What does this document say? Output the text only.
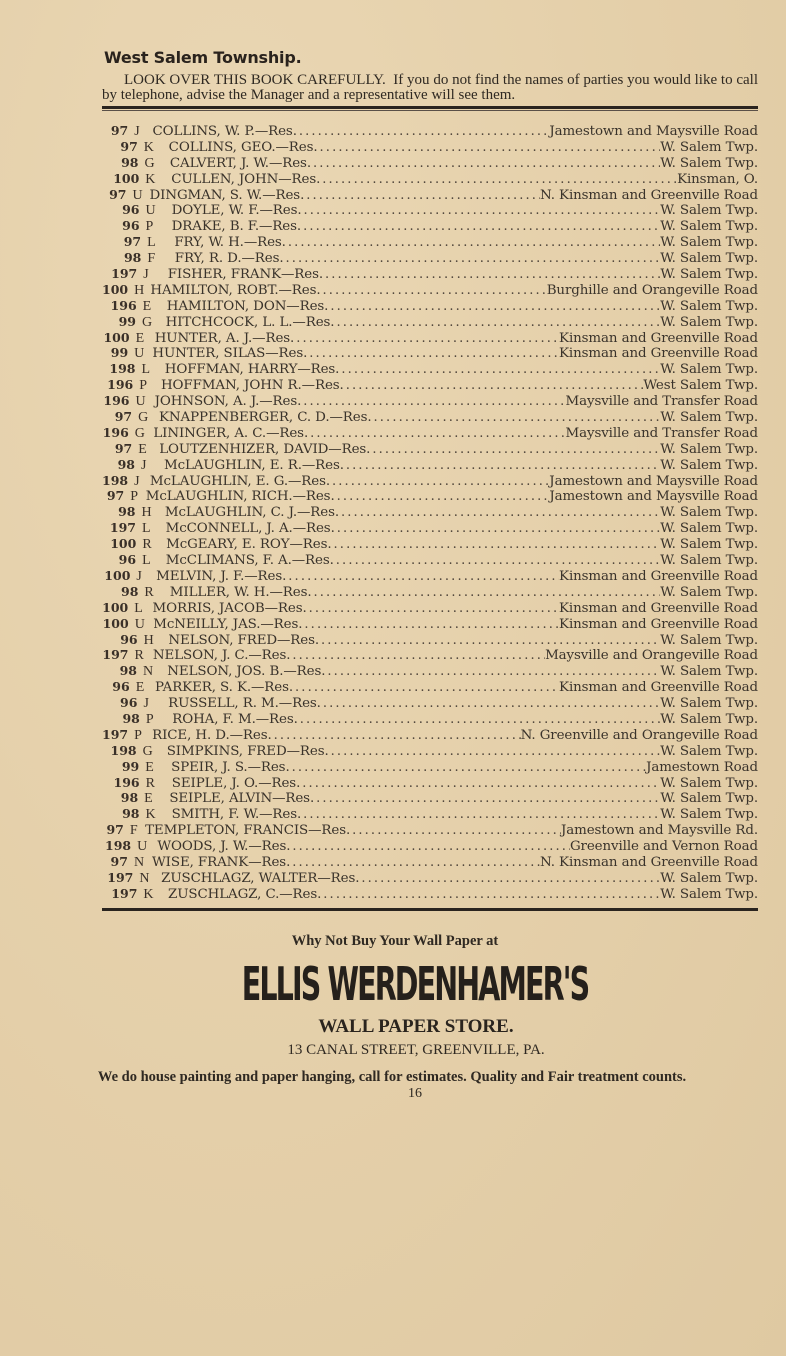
West Salem Township.
LOOK OVER THIS BOOK CAREFULLY. If you do not find the names of parties you would like to call by telephone, advise the Manager and a representative will see them.
97 J COLLINS, W. P.—Res. . . .	Jamestown and Maysville Road
97 K	COLLINS, GEO.—Res. . . .	W. Salem Twp.
98 G	CALVERT, J. W.—Res. . . .	W. Salem Twp.
100 K	CULLEN, JOHN—Res. . . .	Kinsman, O.
97 U DINGMAN, S. W.—Res. . . .	N. Kinsman and Greenville Road
96 U	DOYLE, W. F.—Res. . . .	W. Salem Twp.
96 P	DRAKE, B. F.—Res. . . .	W. Salem Twp.
97 L	FRY, W. H.—Res. . . .	W. Salem Twp.
98 F	FRY, R. D.—Res. . . .	W. Salem Twp.
197 J	FISHER, FRANK—Res. . . .	W. Salem Twp.
100 H HAMILTON, ROBT.—Res. . . .	Burghille and Orangeville Road
196 E	HAMILTON, DON—Res. . . .	W. Salem Twp.
99 G	HITCHCOCK, L. L.—Res. . . .	W. Salem Twp.
100 E HUNTER, A. J.—Res. . . .	Kinsman and Greenville Road
99 U HUNTER, SILAS—Res. . . .	Kinsman and Greenville Road
198 L	HOFFMAN, HARRY—Res. . . .	W. Salem Twp.
196 P	HOFFMAN, JOHN R.—Res. . . .	West Salem Twp.
196 U JOHNSON, A. J.—Res. . . .	Maysville and Transfer Road
97 G KNAPPENBERGER, C. D.—Res. . . .	W. Salem Twp.
196 G LININGER, A. C.—Res. . . .	Maysville and Transfer Road
97 E LOUTZENHIZER, DAVID—Res. . . .	W. Salem Twp.
98 J	McLAUGHLIN, E. R.—Res. . . .	W. Salem Twp.
198 J McLAUGHLIN, E. G.—Res. . . .	Jamestown and Maysville Road
97 P McLAUGHLIN, RICH.—Res. . . .	Jamestown and Maysville Road
98 H McLAUGHLIN, C. J.—Res. . . .	W. Salem Twp.
197 L	McCONNELL, J. A.—Res. . . .	W. Salem Twp.
100 R	McGEARY, E. ROY—Res. . . .	W. Salem Twp.
96 L	McCLIMANS, F. A.—Res. . . .	W. Salem Twp.
100 J	MELVIN, J. F.—Res. . . .	Kinsman and Greenville Road
98 R	MILLER, W. H.—Res. . . .	W. Salem Twp.
100 L MORRIS, JACOB—Res. . . .	Kinsman and Greenville Road
100 U McNEILLY, JAS.—Res. . . .	Kinsman and Greenville Road
96 H	NELSON, FRED—Res. . . .	W. Salem Twp.
197 R NELSON, J. C.—Res. . . .	Maysville and Orangeville Road
98 N	NELSON, JOS. B.—Res. . . .	W. Salem Twp.
96 E PARKER, S. K.—Res. . . .	Kinsman and Greenville Road
96 J	RUSSELL, R. M.—Res. . . .	W. Salem Twp.
98 P	ROHA, F. M.—Res. . . .	W. Salem Twp.
197 P RICE, H. D.—Res. . . .	N. Greenville and Orangeville Road
198 G	SIMPKINS, FRED—Res. . . .	W. Salem Twp.
99 E	SPEIR, J. S.—Res. . . .	Jamestown Road
196 R	SEIPLE, J. O.—Res. . . .	W. Salem Twp.
98 E	SEIPLE, ALVIN—Res. . . .	W. Salem Twp.
98 K	SMITH, F. W.—Res. . . .	W. Salem Twp.
97 F TEMPLETON, FRANCIS—Res. . . .	Jamestown and Maysville Rd.
198 U WOODS, J. W.—Res. . . .	Greenville and Vernon Road
97 N WISE, FRANK—Res. . . .	N. Kinsman and Greenville Road
197 N ZUSCHLAGZ, WALTER—Res. . . .	W. Salem Twp.
197 K	ZUSCHLAGZ, C.—Res. . . .	W. Salem Twp.
Why Not Buy Your Wall Paper at
ELLIS WERDENHAMER'S
WALL PAPER STORE.
13 CANAL STREET, GREENVILLE, PA.
We do house painting and paper hanging, call for estimates. Quality and Fair treatment counts.
16
